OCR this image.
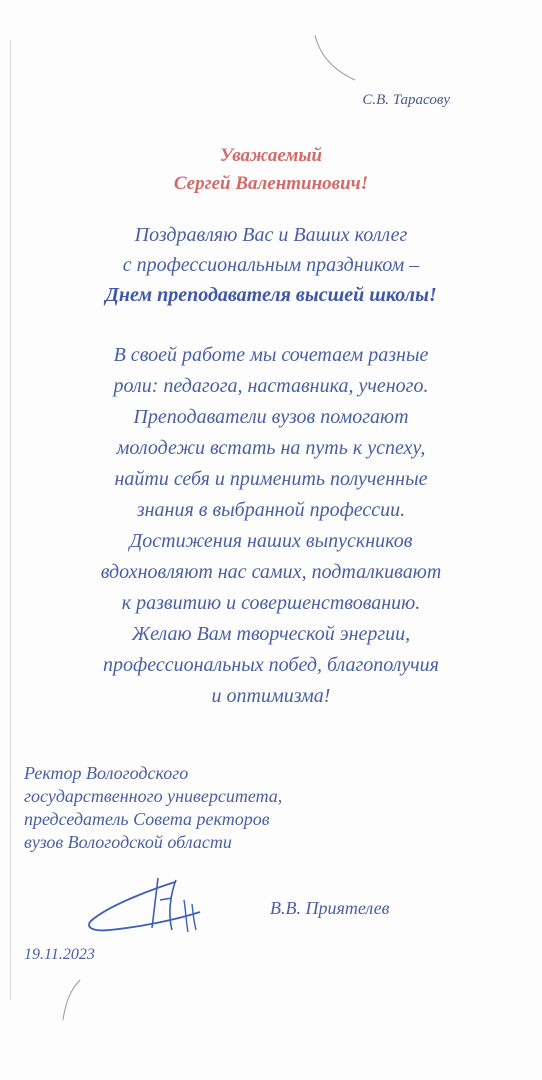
С.В. Тарасову
Уважаемый
Сергей Валентинович!
Поздравляю Вас и Ваших коллег
с профессиональным праздником –
Днем преподавателя высшей школы!
В своей работе мы сочетаем разные
роли: педагога, наставника, ученого.
Преподаватели вузов помогают
молодежи встать на путь к успеху,
найти себя и применить полученные
знания в выбранной профессии.
Достижения наших выпускников
вдохновляют нас самих, подталкивают
к развитию и совершенствованию.
Желаю Вам творческой энергии,
профессиональных побед, благополучия
и оптимизма!
Ректор Вологодского
государственного университета,
председатель Совета ректоров
вузов Вологодской области
В.В. Приятелев
19.11.2023
